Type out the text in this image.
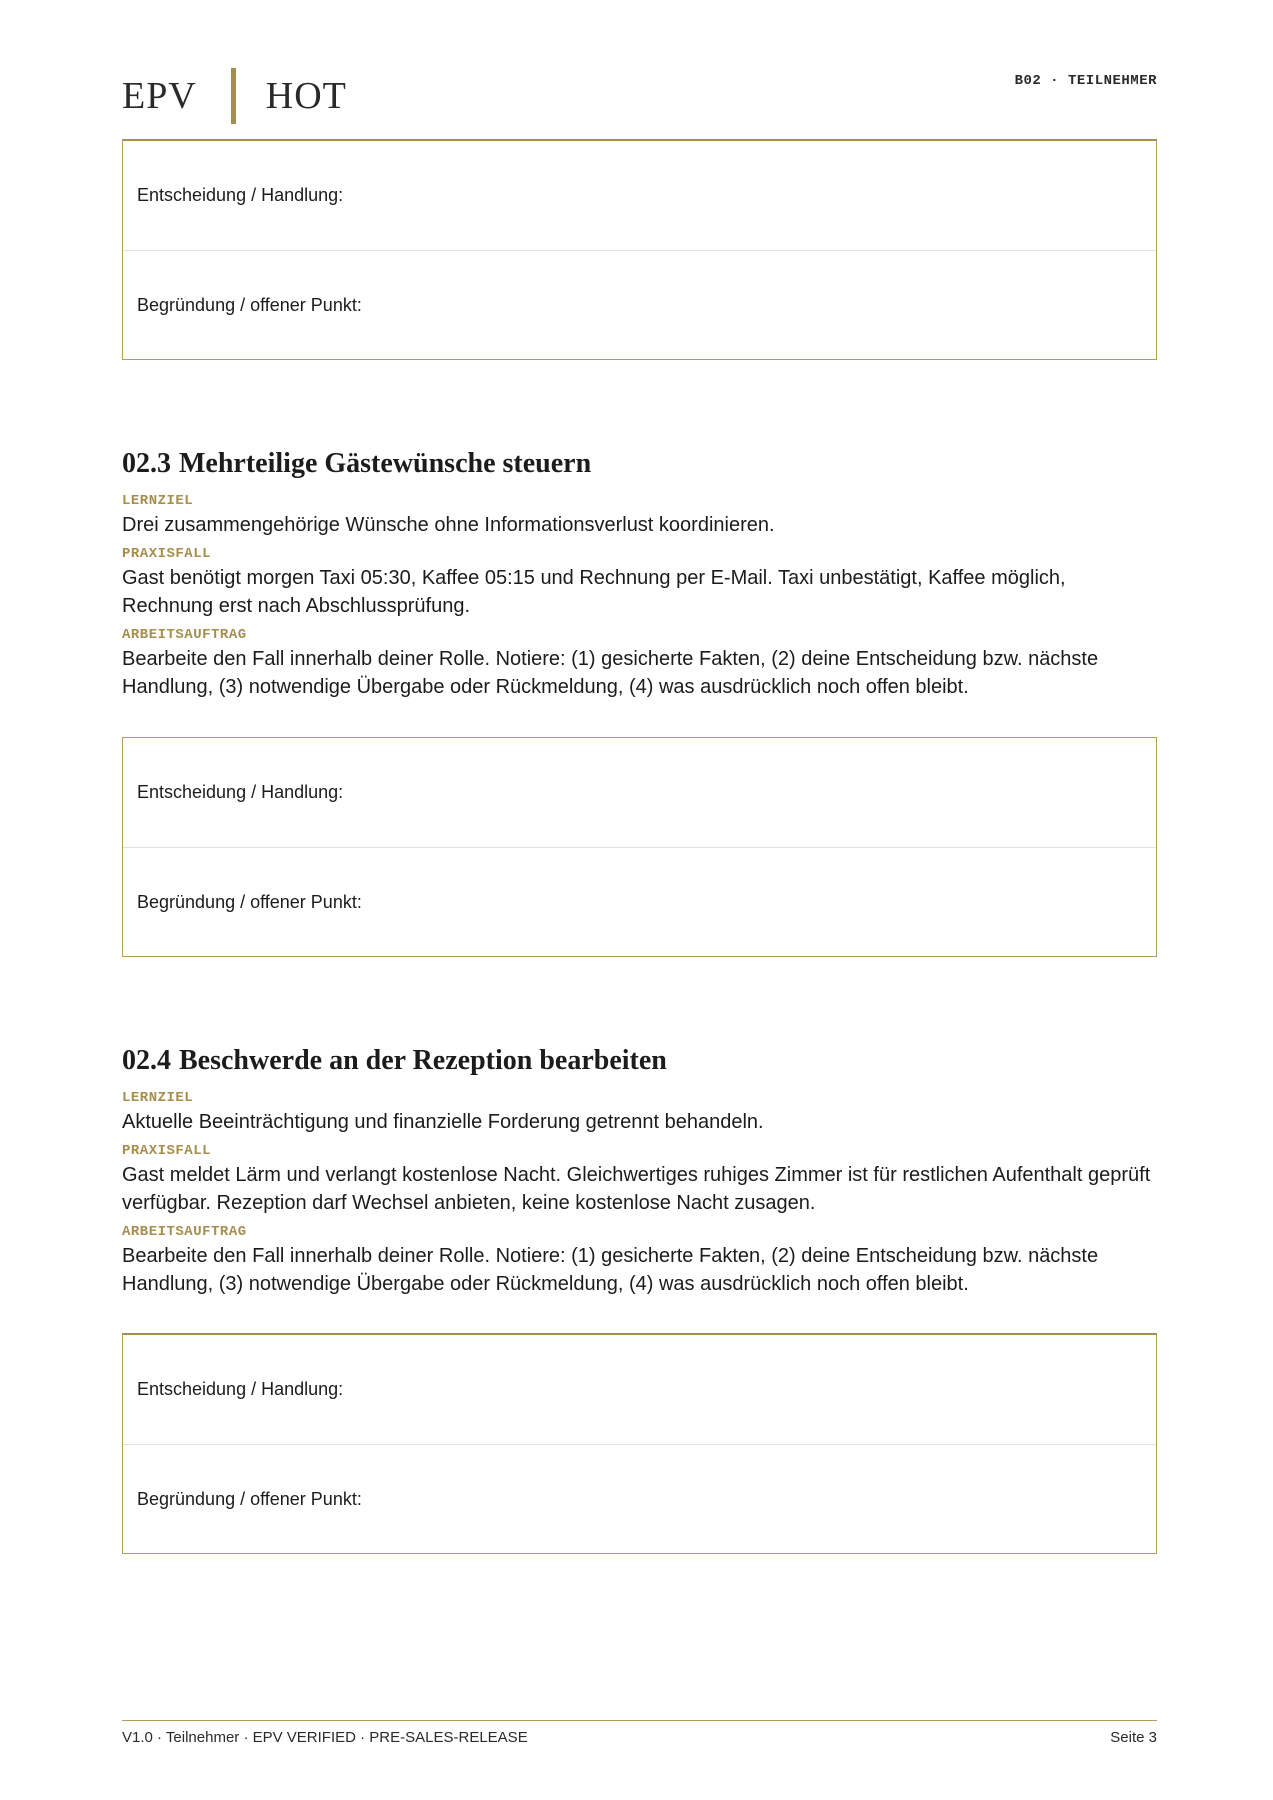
EPV HOT	B02 · TEILNEHMER
Entscheidung / Handlung:
Begründung / offener Punkt:
02.3 Mehrteilige Gästewünsche steuern
LERNZIEL
Drei zusammengehörige Wünsche ohne Informationsverlust koordinieren.
PRAXISFALL
Gast benötigt morgen Taxi 05:30, Kaffee 05:15 und Rechnung per E-Mail. Taxi unbestätigt, Kaffee möglich, Rechnung erst nach Abschlussprüfung.
ARBEITSAUFTRAG
Bearbeite den Fall innerhalb deiner Rolle. Notiere: (1) gesicherte Fakten, (2) deine Entscheidung bzw. nächste Handlung, (3) notwendige Übergabe oder Rückmeldung, (4) was ausdrücklich noch offen bleibt.
Entscheidung / Handlung:
Begründung / offener Punkt:
02.4 Beschwerde an der Rezeption bearbeiten
LERNZIEL
Aktuelle Beeinträchtigung und finanzielle Forderung getrennt behandeln.
PRAXISFALL
Gast meldet Lärm und verlangt kostenlose Nacht. Gleichwertiges ruhiges Zimmer ist für restlichen Aufenthalt geprüft verfügbar. Rezeption darf Wechsel anbieten, keine kostenlose Nacht zusagen.
ARBEITSAUFTRAG
Bearbeite den Fall innerhalb deiner Rolle. Notiere: (1) gesicherte Fakten, (2) deine Entscheidung bzw. nächste Handlung, (3) notwendige Übergabe oder Rückmeldung, (4) was ausdrücklich noch offen bleibt.
Entscheidung / Handlung:
Begründung / offener Punkt:
V1.0 · Teilnehmer · EPV VERIFIED · PRE-SALES-RELEASE	Seite 3
